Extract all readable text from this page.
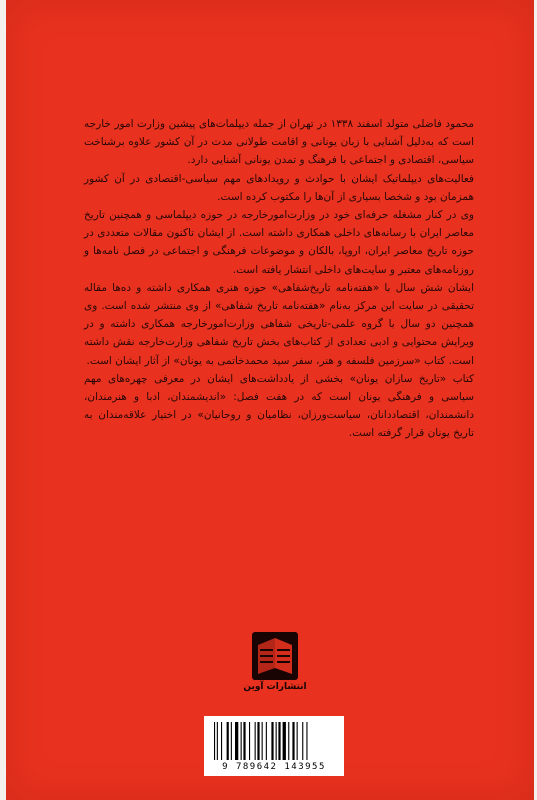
محمود فاضلی متولد اسفند ۱۳۳۸ در تهران از جمله دیپلمات‌های پیشین وزارت امور خارجه است که به‌دلیل آشنایی با زبان یونانی و اقامت طولانی مدت در آن کشور علاوه برشناخت سیاسی، اقتصادی و اجتماعی با فرهنگ و تمدن یونانی آشنایی دارد.

فعالیت‌های دیپلماتیک ایشان با حوادث و رویدادهای مهم سیاسی-اقتصادی در آن کشور همزمان بود و شخصا بسیاری از آن‌ها را مکتوب کرده است.

وی در کنار مشغله حرفه‌ای خود در وزارت‌امورخارجه در حوزه دیپلماسی و همچنین تاریخ معاصر ایران با رسانه‌های داخلی همکاری داشته است. از ایشان تاکنون مقالات متعددی در حوزه تاریخ معاصر ایران، اروپا، بالکان و موضوعات فرهنگی و اجتماعی در فصل نامه‌ها و روزنامه‌های معتبر و سایت‌های داخلی انتشار یافته است.

ایشان شش سال با «هفته‌نامه تاریخ‌شفاهی» حوزه هنری همکاری داشته و ده‌ها مقاله تحقیقی در سایت این مرکز به‌نام «هفته‌نامه تاریخ شفاهی» از وی منتشر شده است. وی همچنین دو سال با گروه علمی-تاریخی شفاهی وزارت‌امورخارجه همکاری داشته و در ویرایش محتوایی و ادبی تعدادی از کتاب‌های بخش تاریخ شفاهی وزارت‌خارجه نقش داشته است. کتاب «سرزمین فلسفه و هنر، سفر سید محمدخاتمی به یونان» از آثار ایشان است.

کتاب «تاریخ سازان یونان» بخشی از یادداشت‌های ایشان در معرفی چهره‌های مهم سیاسی و فرهنگی یونان است که در هفت فصل: «اندیشمندان، ادبا و هنرمندان، دانشمندان، اقتصاددانان، سیاست‌ورزان، نظامیان و روحانیان» در اختیار علاقه‌مندان به تاریخ یونان قرار گرفته است.

انتشارات آوین
9 789642 143955
